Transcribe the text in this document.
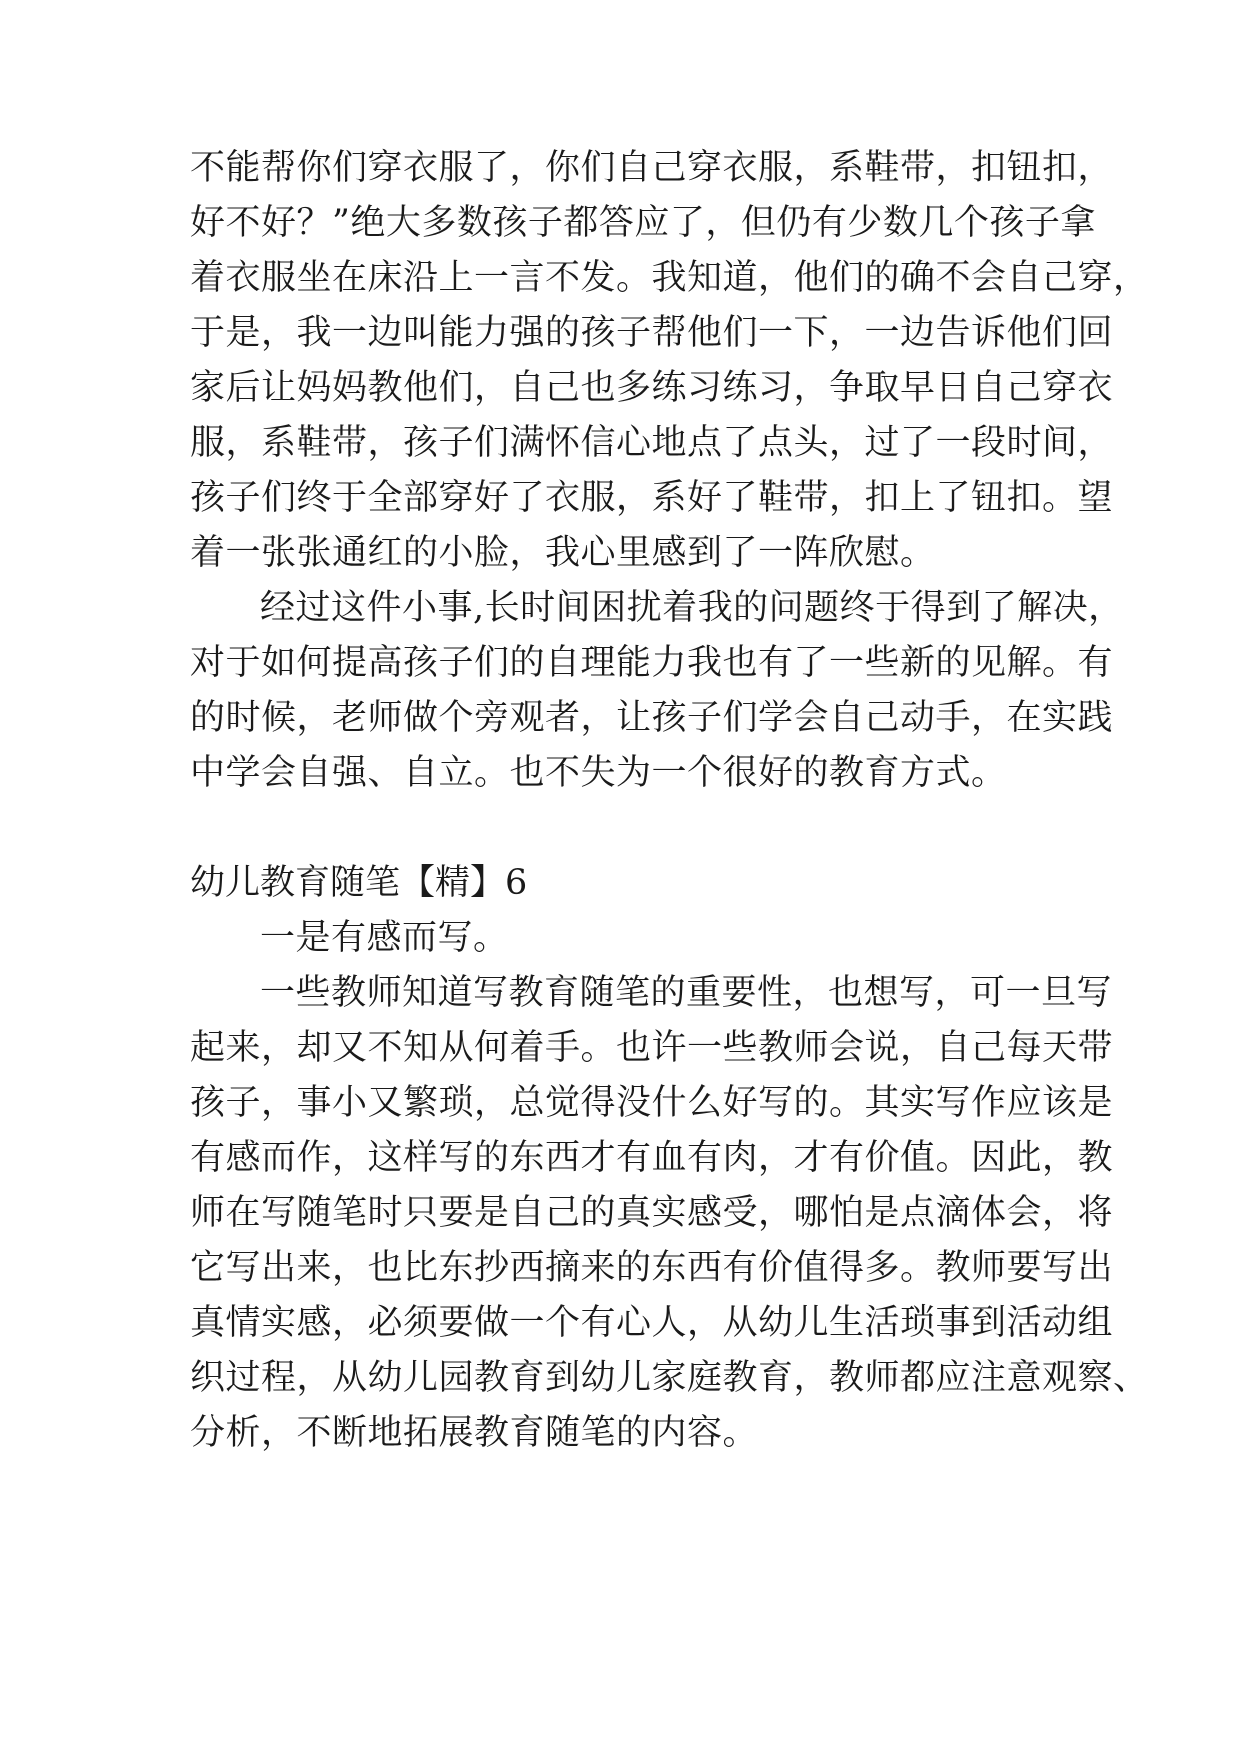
不能帮你们穿衣服了，你们自己穿衣服，系鞋带，扣钮扣，

好不好？”绝大多数孩子都答应了，但仍有少数几个孩子拿

着衣服坐在床沿上一言不发。我知道，他们的确不会自己穿，

于是，我一边叫能力强的孩子帮他们一下，一边告诉他们回

家后让妈妈教他们，自己也多练习练习，争取早日自己穿衣

服，系鞋带，孩子们满怀信心地点了点头，过了一段时间，

孩子们终于全部穿好了衣服，系好了鞋带，扣上了钮扣。望

着一张张通红的小脸，我心里感到了一阵欣慰。

经过这件小事,长时间困扰着我的问题终于得到了解决，

对于如何提高孩子们的自理能力我也有了一些新的见解。有

的时候，老师做个旁观者，让孩子们学会自己动手，在实践

中学会自强、自立。也不失为一个很好的教育方式。

幼儿教育随笔【精】6

一是有感而写。

一些教师知道写教育随笔的重要性，也想写，可一旦写

起来，却又不知从何着手。也许一些教师会说，自己每天带

孩子，事小又繁琐，总觉得没什么好写的。其实写作应该是

有感而作，这样写的东西才有血有肉，才有价值。因此，教

师在写随笔时只要是自己的真实感受，哪怕是点滴体会，将

它写出来，也比东抄西摘来的东西有价值得多。教师要写出

真情实感，必须要做一个有心人，从幼儿生活琐事到活动组

织过程，从幼儿园教育到幼儿家庭教育，教师都应注意观察、

分析，不断地拓展教育随笔的内容。
